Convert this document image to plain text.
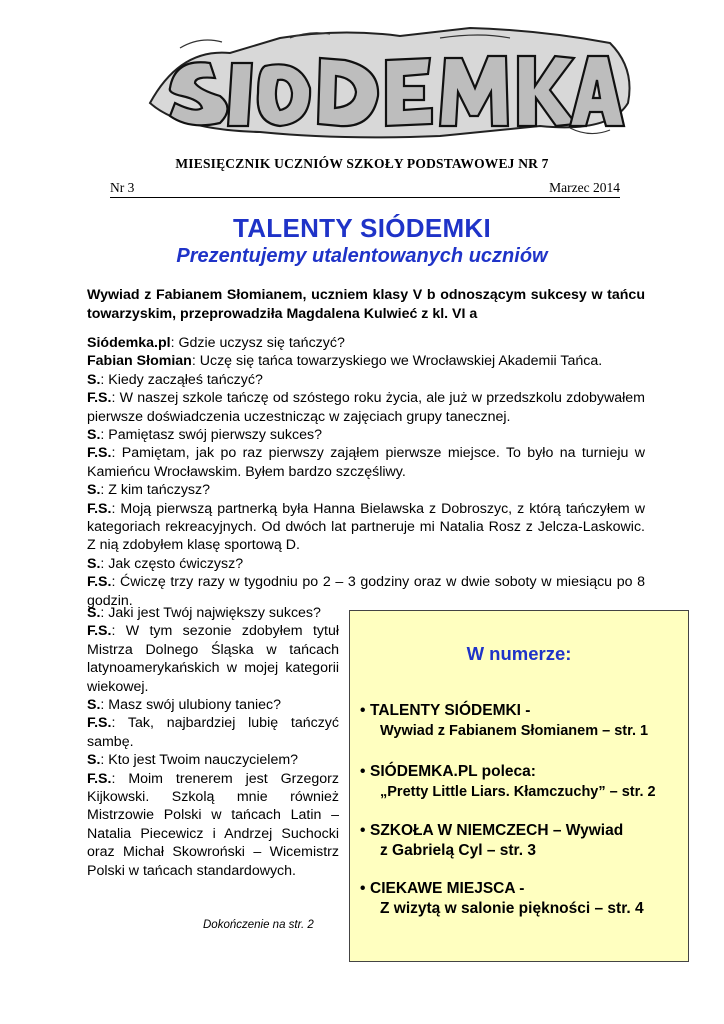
MIESIĘCZNIK UCZNIÓW SZKOŁY PODSTAWOWEJ NR 7
Nr 3	Marzec 2014
TALENTY SIÓDEMKI
Prezentujemy utalentowanych uczniów
Wywiad z Fabianem Słomianem, uczniem klasy V b odnoszącym sukcesy w tańcu towarzyskim, przeprowadziła Magdalena Kulwieć z kl. VI a

Siódemka.pl: Gdzie uczysz się tańczyć?

Fabian Słomian: Uczę się tańca towarzyskiego we Wrocławskiej Akademii Tańca.

S.: Kiedy zacząłeś tańczyć?

F.S.: W naszej szkole tańczę od szóstego roku życia, ale już w przedszkolu zdobywałem pierwsze doświadczenia uczestnicząc w zajęciach grupy tanecznej.

S.: Pamiętasz swój pierwszy sukces?

F.S.: Pamiętam, jak po raz pierwszy zająłem pierwsze miejsce. To było na turnieju w Kamieńcu Wrocławskim. Byłem bardzo szczęśliwy.

S.: Z kim tańczysz?

F.S.: Moją pierwszą partnerką była Hanna Bielawska z Dobroszyc, z którą tańczyłem w kategoriach rekreacyjnych. Od dwóch lat partneruje mi Natalia Rosz z Jelcza-Laskowic. Z nią zdobyłem klasę sportową D.

S.: Jak często ćwiczysz?

F.S.: Ćwiczę trzy razy w tygodniu po 2 – 3 godziny oraz w dwie soboty w miesiącu po 8 godzin.

S.: Jaki jest Twój największy sukces?

F.S.: W tym sezonie zdobyłem tytuł Mistrza Dolnego Śląska w tańcach latynoamerykańskich w mojej kategorii wiekowej.

S.: Masz swój ulubiony taniec?

F.S.: Tak, najbardziej lubię tańczyć sambę.

S.: Kto jest Twoim nauczycielem?

F.S.: Moim trenerem jest Grzegorz Kijkowski. Szkolą mnie również Mistrzowie Polski w tańcach Latin – Natalia Piecewicz i Andrzej Suchocki oraz Michał Skowroński – Wicemistrz Polski w tańcach standardowych.

Dokończenie na str. 2
W numerze:
• TALENTY SIÓDEMKI -
Wywiad z Fabianem Słomianem – str. 1
• SIÓDEMKA.PL poleca:
„Pretty Little Liars. Kłamczuchy” – str. 2
• SZKOŁA W NIEMCZECH – Wywiad
z Gabrielą Cyl – str. 3
• CIEKAWE MIEJSCA -
Z wizytą w salonie piękności – str. 4
